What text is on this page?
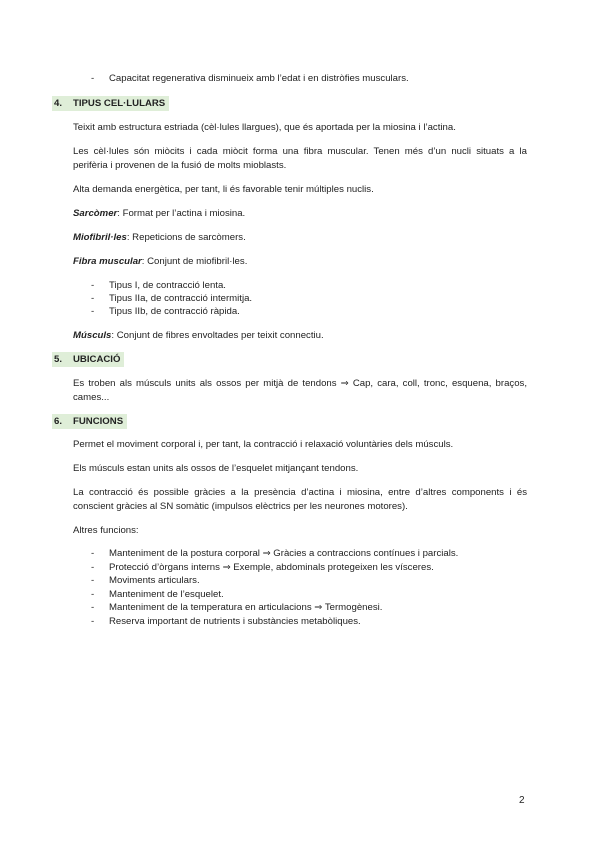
- Capacitat regenerativa disminueix amb l’edat i en distròfies musculars.
4. TIPUS CEL·LULARS
Teixit amb estructura estriada (cèl·lules llargues), que és aportada per la miosina i l’actina.
Les cèl·lules són miòcits i cada miòcit forma una fibra muscular. Tenen més d’un nucli situats a la
perifèria i provenen de la fusió de molts mioblasts.
Alta demanda energètica, per tant, li és favorable tenir múltiples nuclis.
Sarcòmer: Format per l’actina i miosina.
Miofibril·les: Repeticions de sarcòmers.
Fibra muscular: Conjunt de miofibril·les.
- Tipus I, de contracció lenta.
- Tipus IIa, de contracció intermitja.
- Tipus IIb, de contracció ràpida.
Músculs: Conjunt de fibres envoltades per teixit connectiu.
5. UBICACIÓ
Es troben als músculs units als ossos per mitjà de tendons ⇒ Cap, cara, coll, tronc, esquena, braços,
cames...
6. FUNCIONS
Permet el moviment corporal i, per tant, la contracció i relaxació voluntàries dels músculs.
Els músculs estan units als ossos de l’esquelet mitjançant tendons.
La contracció és possible gràcies a la presència d’actina i miosina, entre d’altres components i és
conscient gràcies al SN somàtic (impulsos elèctrics per les neurones motores).
Altres funcions:
- Manteniment de la postura corporal ⇒ Gràcies a contraccions contínues i parcials.
- Protecció d’òrgans interns ⇒ Exemple, abdominals protegeixen les vísceres.
- Moviments articulars.
- Manteniment de l’esquelet.
- Manteniment de la temperatura en articulacions ⇒ Termogènesi.
- Reserva important de nutrients i substàncies metabòliques.
2
